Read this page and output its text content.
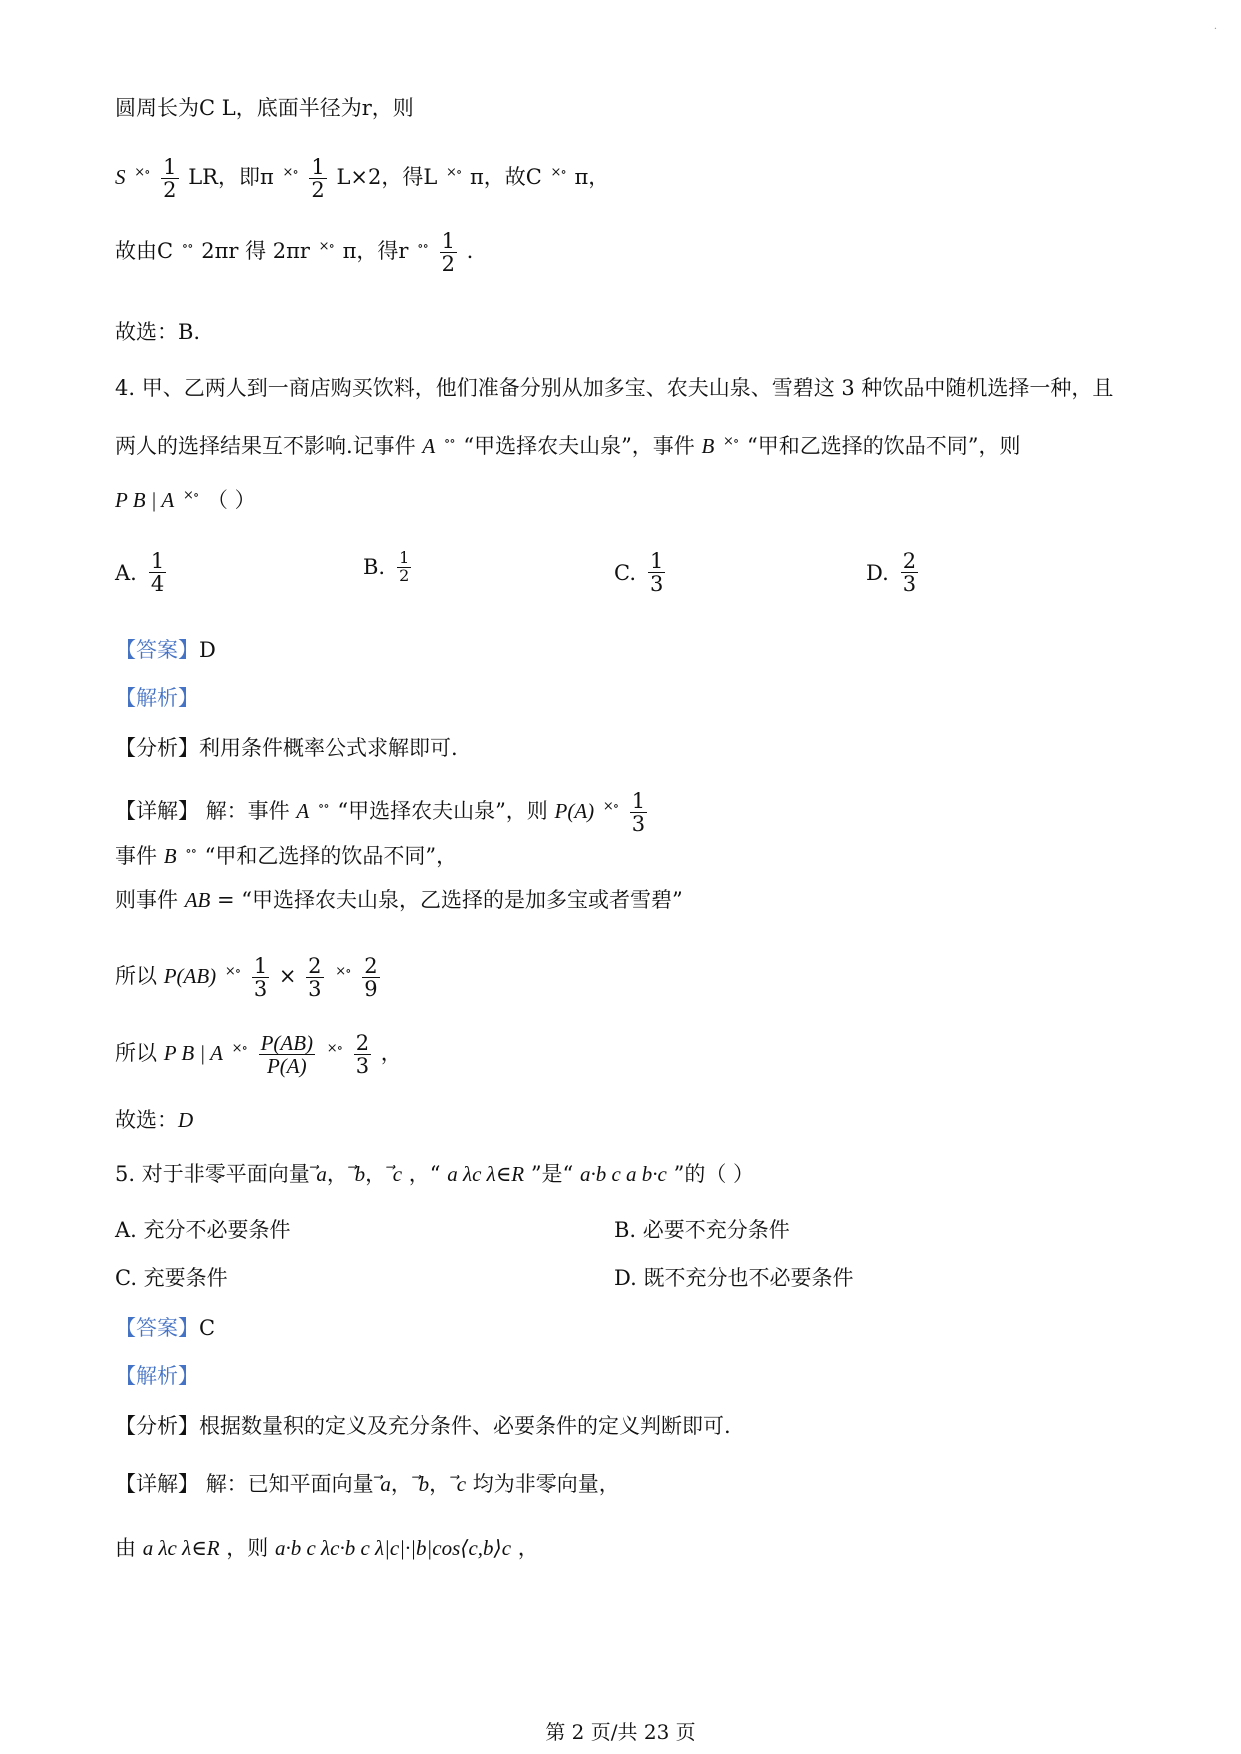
·
圆周长为C L，底面半径为r，则
S $^{\times\circ} \frac{1}{2}$ LR，即π $^{\times\circ} \frac{1}{2} L\times 2$，得L ×∘ π，故C ×∘ π，
故由C ∘∘ 2πr 得 2πr ×∘ π，得r $^{\circ\circ} \frac{1}{2}$ .
故选：B.
4. 甲、乙两人到一商店购买饮料，他们准备分别从加多宝、农夫山泉、雪碧这 3 种饮品中随机选择一种，且
两人的选择结果互不影响.记事件 A ∘∘ “甲选择农夫山泉”，事件 B ×∘ “甲和乙选择的饮品不同”，则
P B | A ×∘ （ ）
A. $\frac{1}{4}$	B. $\frac{1}{2}$	C. $\frac{1}{3}$	D. $\frac{2}{3}$
【答案】D
【解析】
【分析】利用条件概率公式求解即可.
【详解】 解：事件 A ∘∘ “甲选择农夫山泉”，则 P(A) $^{\times\circ} \frac{1}{3}$
事件 B ∘∘ “甲和乙选择的饮品不同”，
则事件 AB = “甲选择农夫山泉，乙选择的是加多宝或者雪碧”
所以 P(AB) $^{\times\circ} \frac{1}{3} \times \frac{2}{3} ^{\times\circ} \frac{2}{9}$
所以 P B | A $^{\times\circ} \frac{P(AB)}{P(A)} ^{\times\circ} \frac{2}{3}$ ，
故选：D
5. 对于非零平面向量 a， b， c ，“ a λc λ∈R ”是“ a·b c a b·c ”的（ ）
A. 充分不必要条件	B. 必要不充分条件
C. 充要条件	D. 既不充分也不必要条件
【答案】C
【解析】
【分析】根据数量积的定义及充分条件、必要条件的定义判断即可.
【详解】 解：已知平面向量 a， b， c 均为非零向量，
由 a λc λ∈R ，则 a·b c λc·b c λ|c|·|b|cos⟨c,b⟩c ，
第 2 页/共 23 页
